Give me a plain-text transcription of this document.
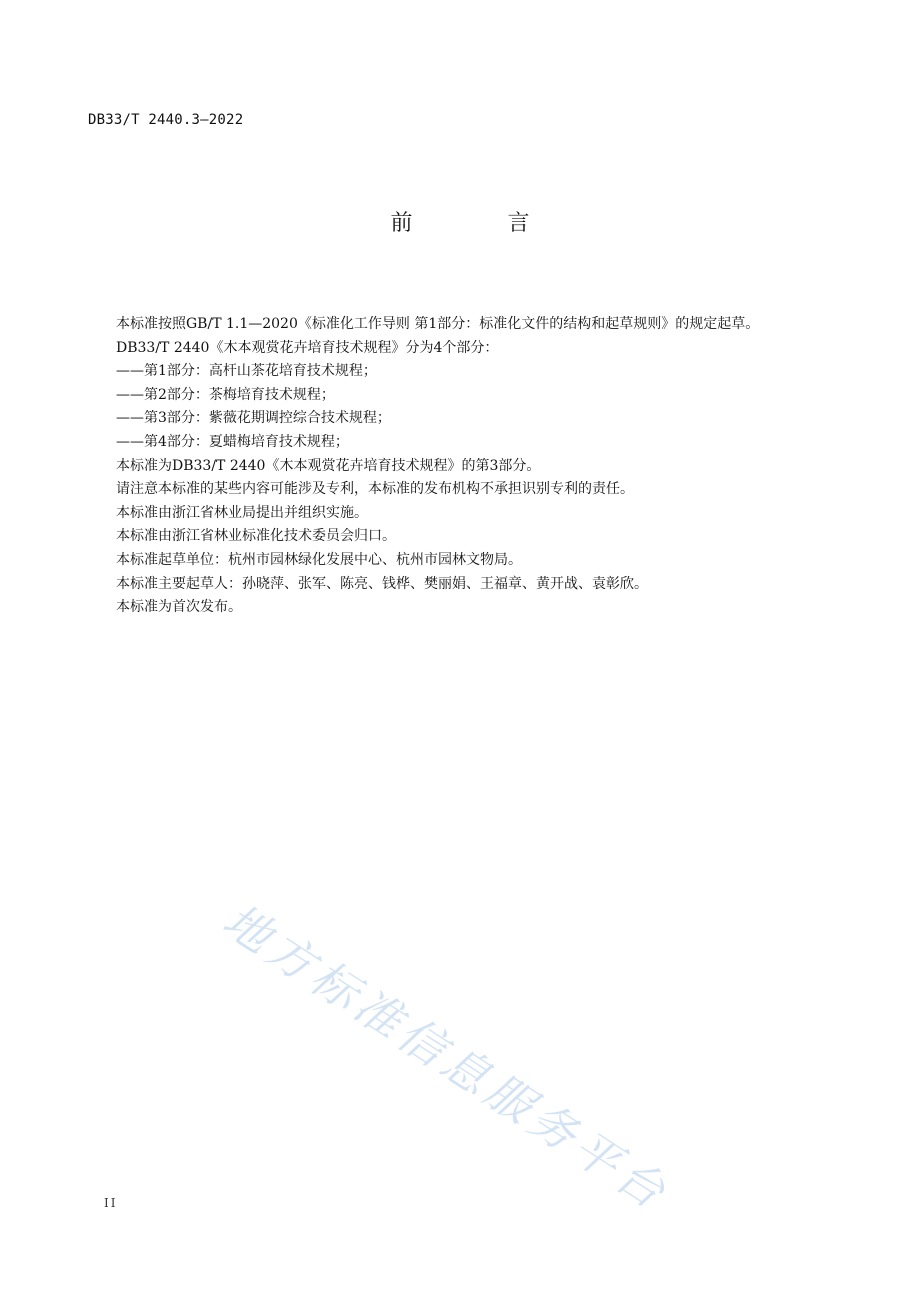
DB33/T 2440.3—2022
前 言

本标准按照GB/T 1.1—2020《标准化工作导则 第1部分：标准化文件的结构和起草规则》的规定起草。

DB33/T 2440《木本观赏花卉培育技术规程》分为4个部分：

——第1部分：高杆山茶花培育技术规程；

——第2部分：茶梅培育技术规程；

——第3部分：紫薇花期调控综合技术规程；

——第4部分：夏蜡梅培育技术规程；

本标准为DB33/T 2440《木本观赏花卉培育技术规程》的第3部分。

请注意本标准的某些内容可能涉及专利，本标准的发布机构不承担识别专利的责任。

本标准由浙江省林业局提出并组织实施。

本标准由浙江省林业标准化技术委员会归口。

本标准起草单位：杭州市园林绿化发展中心、杭州市园林文物局。

本标准主要起草人：孙晓萍、张军、陈亮、钱桦、樊丽娟、王福章、黄开战、袁彰欣。

本标准为首次发布。

地方标准信息服务平台
II
